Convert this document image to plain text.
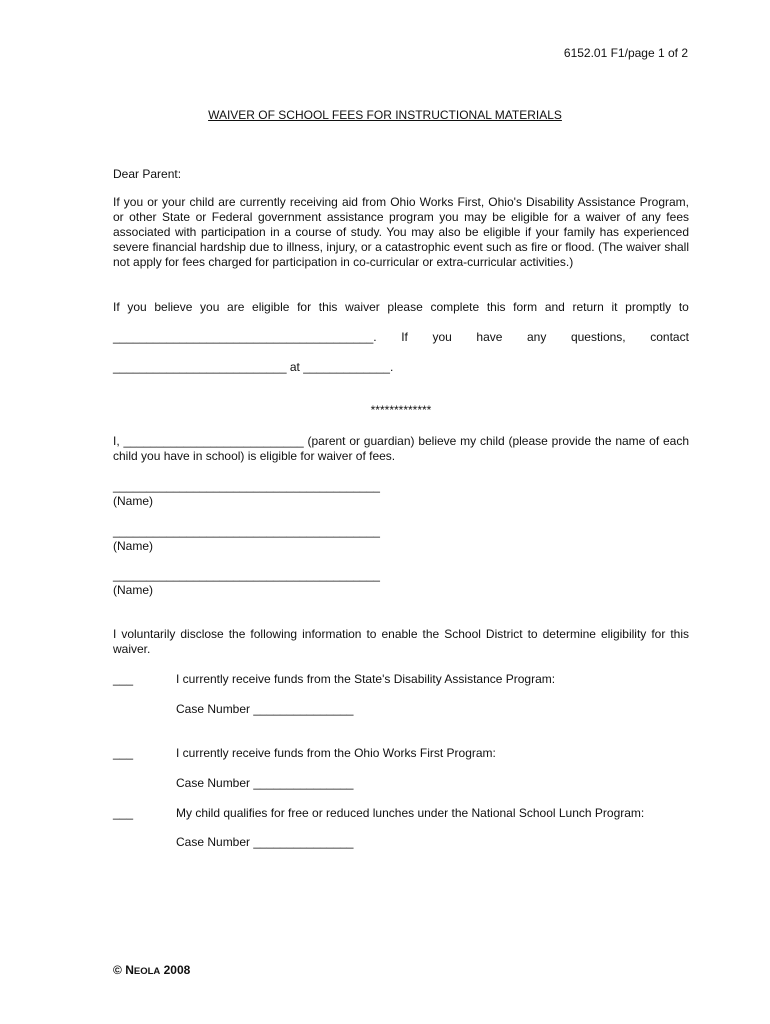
6152.01 F1/page 1 of 2
WAIVER OF SCHOOL FEES FOR INSTRUCTIONAL MATERIALS
Dear Parent:
If you or your child are currently receiving aid from Ohio Works First, Ohio's Disability Assistance Program, or other State or Federal government assistance program you may be eligible for a waiver of any fees associated with participation in a course of study. You may also be eligible if your family has experienced severe financial hardship due to illness, injury, or a catastrophic event such as fire or flood. (The waiver shall not apply for fees charged for participation in co-curricular or extra-curricular activities.)
If you believe you are eligible for this waiver please complete this form and return it promptly to
_______________________________________. If you have any questions, contact
__________________________ at _____________.
*************
I, ___________________________ (parent or guardian) believe my child (please provide the name of each child you have in school) is eligible for waiver of fees.
________________________________________
(Name)
________________________________________
(Name)
________________________________________
(Name)
I voluntarily disclose the following information to enable the School District to determine eligibility for this waiver.
___	I currently receive funds from the State's Disability Assistance Program:
Case Number _______________
___	I currently receive funds from the Ohio Works First Program:
Case Number _______________
___	My child qualifies for free or reduced lunches under the National School Lunch Program:
Case Number _______________
© NEOLA 2008
